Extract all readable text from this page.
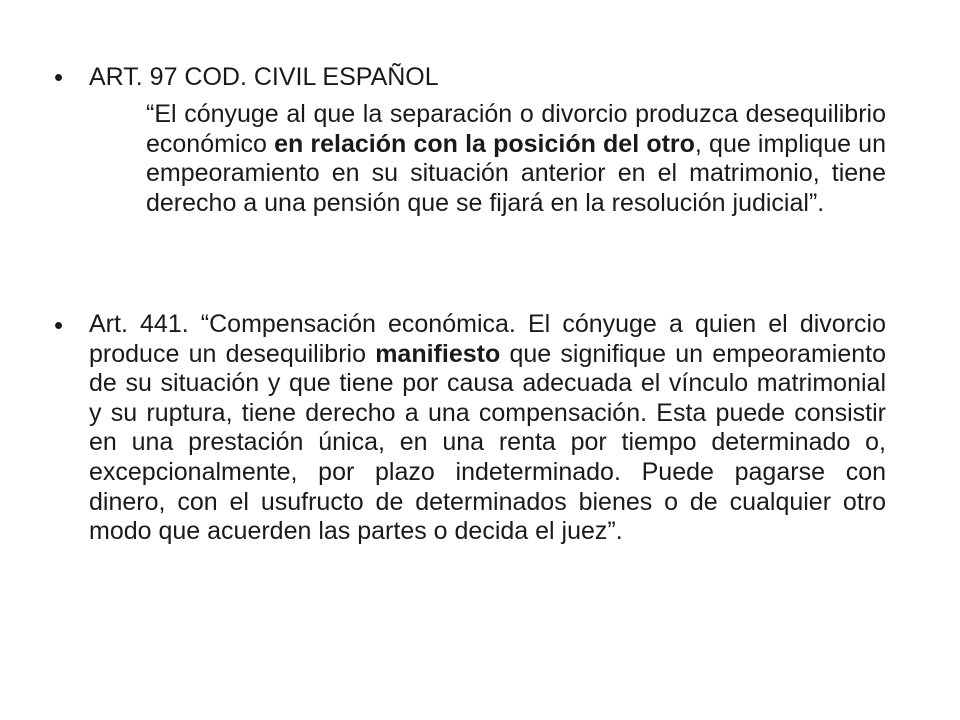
• ART. 97 COD. CIVIL ESPAÑOL
“El cónyuge al que la separación o divorcio produzca desequilibrio económico en relación con la posición del otro, que implique un empeoramiento en su situación anterior en el matrimonio, tiene derecho a una pensión que se fijará en la resolución judicial”.
• Art. 441. “Compensación económica. El cónyuge a quien el divorcio produce un desequilibrio manifiesto que signifique un empeoramiento de su situación y que tiene por causa adecuada el vínculo matrimonial y su ruptura, tiene derecho a una compensación. Esta puede consistir en una prestación única, en una renta por tiempo determinado o, excepcionalmente, por plazo indeterminado. Puede pagarse con dinero, con el usufructo de determinados bienes o de cualquier otro modo que acuerden las partes o decida el juez”.
